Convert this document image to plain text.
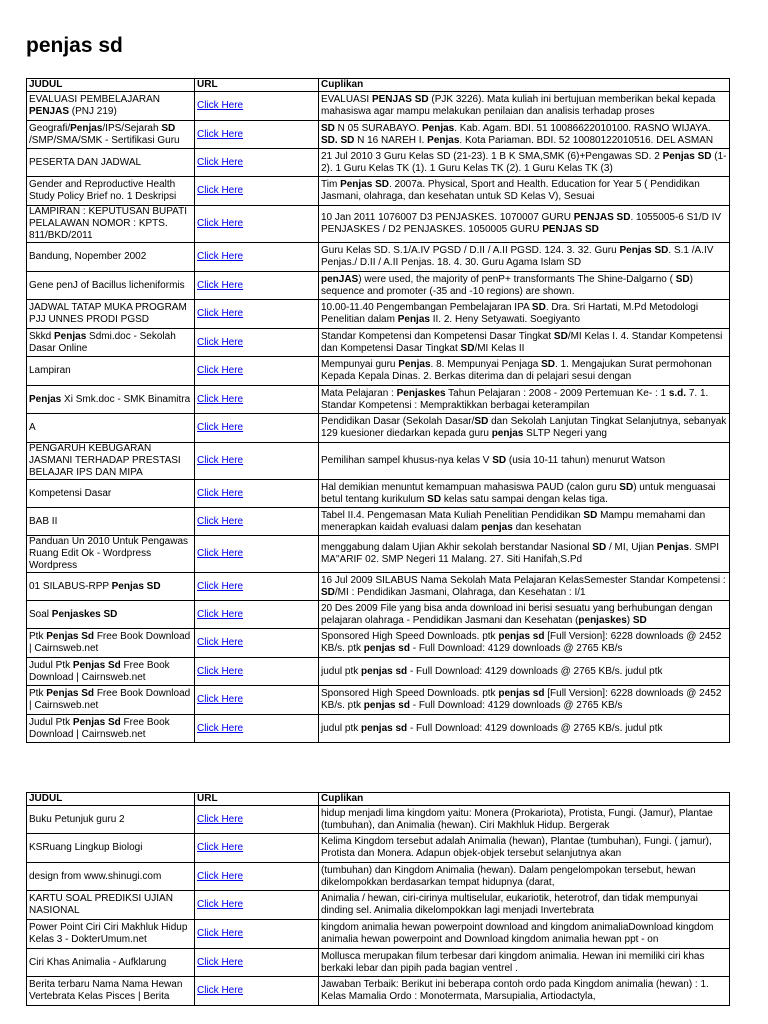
penjas sd
JUDUL	URL	Cuplikan
EVALUASI PEMBELAJARAN PENJAS (PNJ 219)	Click Here	EVALUASI PENJAS SD (PJK 3226). Mata kuliah ini bertujuan memberikan bekal kepada mahasiswa agar mampu melakukan penilaian dan analisis terhadap proses
Geografi/Penjas/IPS/Sejarah SD /SMP/SMA/SMK - Sertifikasi Guru	Click Here	SD N 05 SURABAYO. Penjas. Kab. Agam. BDI. 51 10086622010100. RASNO WIJAYA. SD. SD N 16 NAREH I. Penjas. Kota Pariaman. BDI. 52 10080122010516. DEL ASMAN
PESERTA DAN JADWAL	Click Here	21 Jul 2010 3 Guru Kelas SD (21-23). 1 B K SMA,SMK (6)+Pengawas SD. 2 Penjas SD (1-2). 1 Guru Kelas TK (1). 1 Guru Kelas TK (2). 1 Guru Kelas TK (3)
Gender and Reproductive Health Study Policy Brief no. 1 Deskripsi	Click Here	Tim Penjas SD. 2007a. Physical, Sport and Health. Education for Year 5 ( Pendidikan Jasmani, olahraga, dan kesehatan untuk SD Kelas V), Sesuai
LAMPIRAN : KEPUTUSAN BUPATI PELALAWAN NOMOR : KPTS. 811/BKD/2011	Click Here	10 Jan 2011 1076007 D3 PENJASKES. 1070007 GURU PENJAS SD. 1055005-6 S1/D IV PENJASKES / D2 PENJASKES. 1050005 GURU PENJAS SD
Bandung, Nopember 2002	Click Here	Guru Kelas SD. S.1/A.IV PGSD / D.II / A.II PGSD. 124. 3. 32. Guru Penjas SD. S.1 /A.IV Penjas./ D.II / A.II Penjas. 18. 4. 30. Guru Agama Islam SD
Gene penJ of Bacillus licheniformis	Click Here	penJAS) were used, the majority of penP+ transformants The Shine-Dalgarno ( SD) sequence and promoter (-35 and -10 regions) are shown.
JADWAL TATAP MUKA PROGRAM PJJ UNNES PRODI PGSD	Click Here	10.00-11.40 Pengembangan Pembelajaran IPA SD. Dra. Sri Hartati, M.Pd Metodologi Penelitian dalam Penjas II. 2. Heny Setyawati. Soegiyanto
Skkd Penjas Sdmi.doc - Sekolah Dasar Online	Click Here	Standar Kompetensi dan Kompetensi Dasar Tingkat SD/MI Kelas I. 4. Standar Kompetensi dan Kompetensi Dasar Tingkat SD/MI Kelas II
Lampiran	Click Here	Mempunyai guru Penjas. 8. Mempunyai Penjaga SD. 1. Mengajukan Surat permohonan Kepada Kepala Dinas. 2. Berkas diterima dan di pelajari sesui dengan
Penjas Xi Smk.doc - SMK Binamitra	Click Here	Mata Pelajaran : Penjaskes Tahun Pelajaran : 2008 - 2009 Pertemuan Ke- : 1 s.d. 7. 1. Standar Kompetensi : Mempraktikkan berbagai keterampilan
A	Click Here	Pendidikan Dasar (Sekolah Dasar/SD dan Sekolah Lanjutan Tingkat Selanjutnya, sebanyak 129 kuesioner diedarkan kepada guru penjas SLTP Negeri yang
PENGARUH KEBUGARAN JASMANI TERHADAP PRESTASI BELAJAR IPS DAN MIPA	Click Here	Pemilihan sampel khusus-nya kelas V SD (usia 10-11 tahun) menurut Watson
Kompetensi Dasar	Click Here	Hal demikian menuntut kemampuan mahasiswa PAUD (calon guru SD) untuk menguasai betul tentang kurikulum SD kelas satu sampai dengan kelas tiga.
BAB II	Click Here	Tabel II.4. Pengemasan Mata Kuliah Penelitian Pendidikan SD Mampu memahami dan menerapkan kaidah evaluasi dalam penjas dan kesehatan
Panduan Un 2010 Untuk Pengawas Ruang Edit Ok - Wordpress Wordpress	Click Here	menggabung dalam Ujian Akhir sekolah berstandar Nasional SD / MI, Ujian Penjas. SMPI MA"ARIF 02. SMP Negeri 11 Malang. 27. Siti Hanifah,S.Pd
01 SILABUS-RPP Penjas SD	Click Here	16 Jul 2009 SILABUS Nama Sekolah Mata Pelajaran KelasSemester Standar Kompetensi : SD/MI : Pendidikan Jasmani, Olahraga, dan Kesehatan : I/1
Soal Penjaskes SD	Click Here	20 Des 2009 File yang bisa anda download ini berisi sesuatu yang berhubungan dengan pelajaran olahraga - Pendidikan Jasmani dan Kesehatan (penjaskes) SD
Ptk Penjas Sd Free Book Download | Cairnsweb.net	Click Here	Sponsored High Speed Downloads. ptk penjas sd [Full Version]: 6228 downloads @ 2452 KB/s. ptk penjas sd - Full Download: 4129 downloads @ 2765 KB/s
Judul Ptk Penjas Sd Free Book Download | Cairnsweb.net	Click Here	judul ptk penjas sd - Full Download: 4129 downloads @ 2765 KB/s. judul ptk
Ptk Penjas Sd Free Book Download | Cairnsweb.net	Click Here	Sponsored High Speed Downloads. ptk penjas sd [Full Version]: 6228 downloads @ 2452 KB/s. ptk penjas sd - Full Download: 4129 downloads @ 2765 KB/s
Judul Ptk Penjas Sd Free Book Download | Cairnsweb.net	Click Here	judul ptk penjas sd - Full Download: 4129 downloads @ 2765 KB/s. judul ptk
JUDUL	URL	Cuplikan
Buku Petunjuk guru 2	Click Here	hidup menjadi lima kingdom yaitu: Monera (Prokariota), Protista, Fungi. (Jamur), Plantae (tumbuhan), dan Animalia (hewan). Ciri Makhluk Hidup. Bergerak
KSRuang Lingkup Biologi	Click Here	Kelima Kingdom tersebut adalah Animalia (hewan), Plantae (tumbuhan), Fungi. ( jamur), Protista dan Monera. Adapun objek-objek tersebut selanjutnya akan
design from www.shinugi.com	Click Here	(tumbuhan) dan Kingdom Animalia (hewan). Dalam pengelompokan tersebut, hewan dikelompokkan berdasarkan tempat hidupnya (darat,
KARTU SOAL PREDIKSI UJIAN NASIONAL	Click Here	Animalia / hewan, ciri-cirinya multiselular, eukariotik, heterotrof, dan tidak mempunyai dinding sel. Animalia dikelompokkan lagi menjadi Invertebrata
Power Point Ciri Ciri Makhluk Hidup Kelas 3 - DokterUmum.net	Click Here	kingdom animalia hewan powerpoint download and kingdom animaliaDownload kingdom animalia hewan powerpoint and Download kingdom animalia hewan ppt - on
Ciri Khas Animalia - Aufklarung	Click Here	Mollusca merupakan filum terbesar dari kingdom animalia. Hewan ini memiliki ciri khas berkaki lebar dan pipih pada bagian ventrel .
Berita terbaru Nama Nama Hewan Vertebrata Kelas Pisces | Berita	Click Here	Jawaban Terbaik: Berikut ini beberapa contoh ordo pada Kingdom animalia (hewan) : 1. Kelas Mamalia Ordo : Monotermata, Marsupialia, Artiodactyla,
